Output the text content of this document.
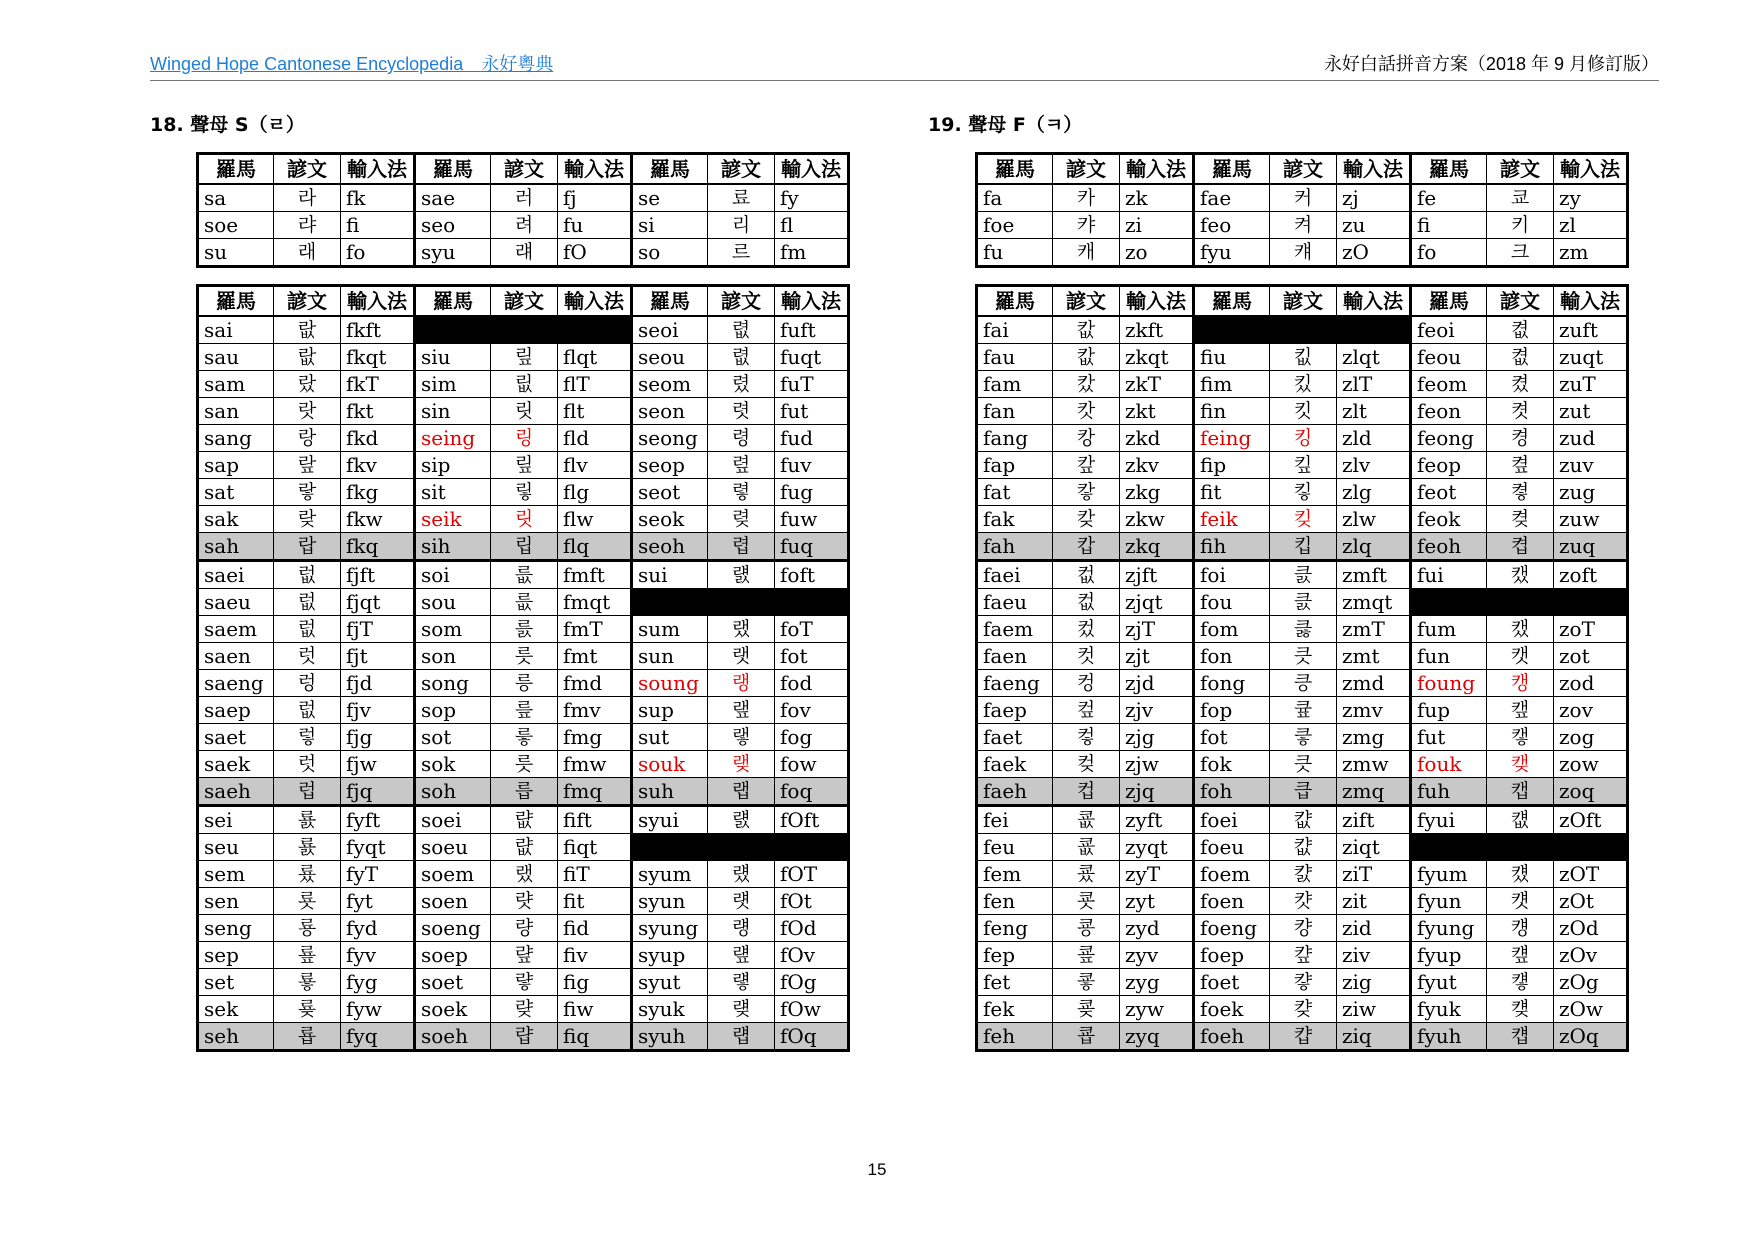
Winged Hope Cantonese Encyclopedia　永好粵典	永好白話拼音方案（2018 年 9 月修訂版）
18. 聲母 S（ㄹ）	19. 聲母 F（ㅋ）
羅馬	諺文	輸入法	羅馬	諺文	輸入法	羅馬	諺文	輸入法
sa	라	fk	sae	러	fj	se	료	fy
soe	랴	fi	seo	려	fu	si	리	fl
su	래	fo	syu	럐	fO	so	르	fm
羅馬	諺文	輸入法	羅馬	諺文	輸入法	羅馬	諺文	輸入法
sai	랎	fkft				seoi	렶	fuft
sau	랎	fkqt	siu	맆	flqt	seou	렶	fuqt
sam	랐	fkT	sim	릾	flT	seom	렸	fuT
san	랏	fkt	sin	릿	flt	seon	렷	fut
sang	랑	fkd	seing	링	fld	seong	령	fud
sap	랖	fkv	sip	맆	flv	seop	렾	fuv
sat	랗	fkg	sit	맇	flg	seot	렿	fug
sak	랒	fkw	seik	릿	flw	seok	렺	fuw
sah	랍	fkq	sih	립	flq	seoh	렵	fuq
saei	럾	fjft	soi	릆	fmft	sui	럜	foft
saeu	럾	fjqt	sou	릆	fmqt			
saem	럾	fjT	som	릀	fmT	sum	랬	foT
saen	럿	fjt	son	릇	fmt	sun	랫	fot
saeng	렁	fjd	song	릉	fmd	soung	랭	fod
saep	럾	fjv	sop	릎	fmv	sup	랲	fov
saet	렇	fjg	sot	릏	fmg	sut	랳	fog
saek	럿	fjw	sok	릇	fmw	souk	랮	fow
saeh	럽	fjq	soh	릅	fmq	suh	랩	foq
sei	룘	fyft	soei	럆	fift	syui	럜	fOft
seu	룘	fyqt	soeu	럆	fiqt			
sem	룠	fyT	soem	랬	fiT	syum	럤	fOT
sen	룟	fyt	soen	럇	fit	syun	럣	fOt
seng	룡	fyd	soeng	량	fid	syung	럥	fOd
sep	룦	fyv	soep	럎	fiv	syup	럪	fOv
set	룧	fyg	soet	럏	fig	syut	럫	fOg
sek	룢	fyw	soek	럊	fiw	syuk	럦	fOw
seh	룝	fyq	soeh	럅	fiq	syuh	럡	fOq
羅馬	諺文	輸入法	羅馬	諺文	輸入法	羅馬	諺文	輸入法
fa	카	zk	fae	커	zj	fe	쿄	zy
foe	캬	zi	feo	켜	zu	fi	키	zl
fu	캐	zo	fyu	컈	zO	fo	크	zm
羅馬	諺文	輸入法	羅馬	諺文	輸入法	羅馬	諺文	輸入法
fai	캆	zkft				feoi	켮	zuft
fau	캆	zkqt	fiu	킶	zlqt	feou	켮	zuqt
fam	캈	zkT	fim	킸	zlT	feom	켰	zuT
fan	캇	zkt	fin	킷	zlt	feon	켯	zut
fang	캉	zkd	feing	킹	zld	feong	켱	zud
fap	캎	zkv	fip	킾	zlv	feop	켶	zuv
fat	캏	zkg	fit	킿	zlg	feot	켷	zug
fak	캊	zkw	feik	킺	zlw	feok	켲	zuw
fah	캅	zkq	fih	킵	zlq	feoh	켭	zuq
faei	컶	zjft	foi	큸	zmft	fui	캤	zoft
faeu	컶	zjqt	fou	큸	zmqt			
faem	컸	zjT	fom	큻	zmT	fum	캤	zoT
faen	컷	zjt	fon	큿	zmt	fun	캣	zot
faeng	컹	zjd	fong	킁	zmd	foung	캥	zod
faep	컾	zjv	fop	큪	zmv	fup	캪	zov
faet	컿	zjg	fot	킇	zmg	fut	캫	zog
faek	컺	zjw	fok	큿	zmw	fouk	캦	zow
faeh	컵	zjq	foh	큽	zmq	fuh	캡	zoq
fei	쿖	zyft	foei	캾	zift	fyui	컚	zOft
feu	쿖	zyqt	foeu	캾	ziqt			
fem	쿘	zyT	foem	캸	ziT	fyum	컜	zOT
fen	쿗	zyt	foen	캿	zit	fyun	컛	zOt
feng	쿙	zyd	foeng	컁	zid	fyung	컝	zOd
fep	쿞	zyv	foep	컆	ziv	fyup	컢	zOv
fet	쿟	zyg	foet	컇	zig	fyut	컣	zOg
fek	쿚	zyw	foek	컂	ziw	fyuk	컞	zOw
feh	쿕	zyq	foeh	캽	ziq	fyuh	컙	zOq
15
